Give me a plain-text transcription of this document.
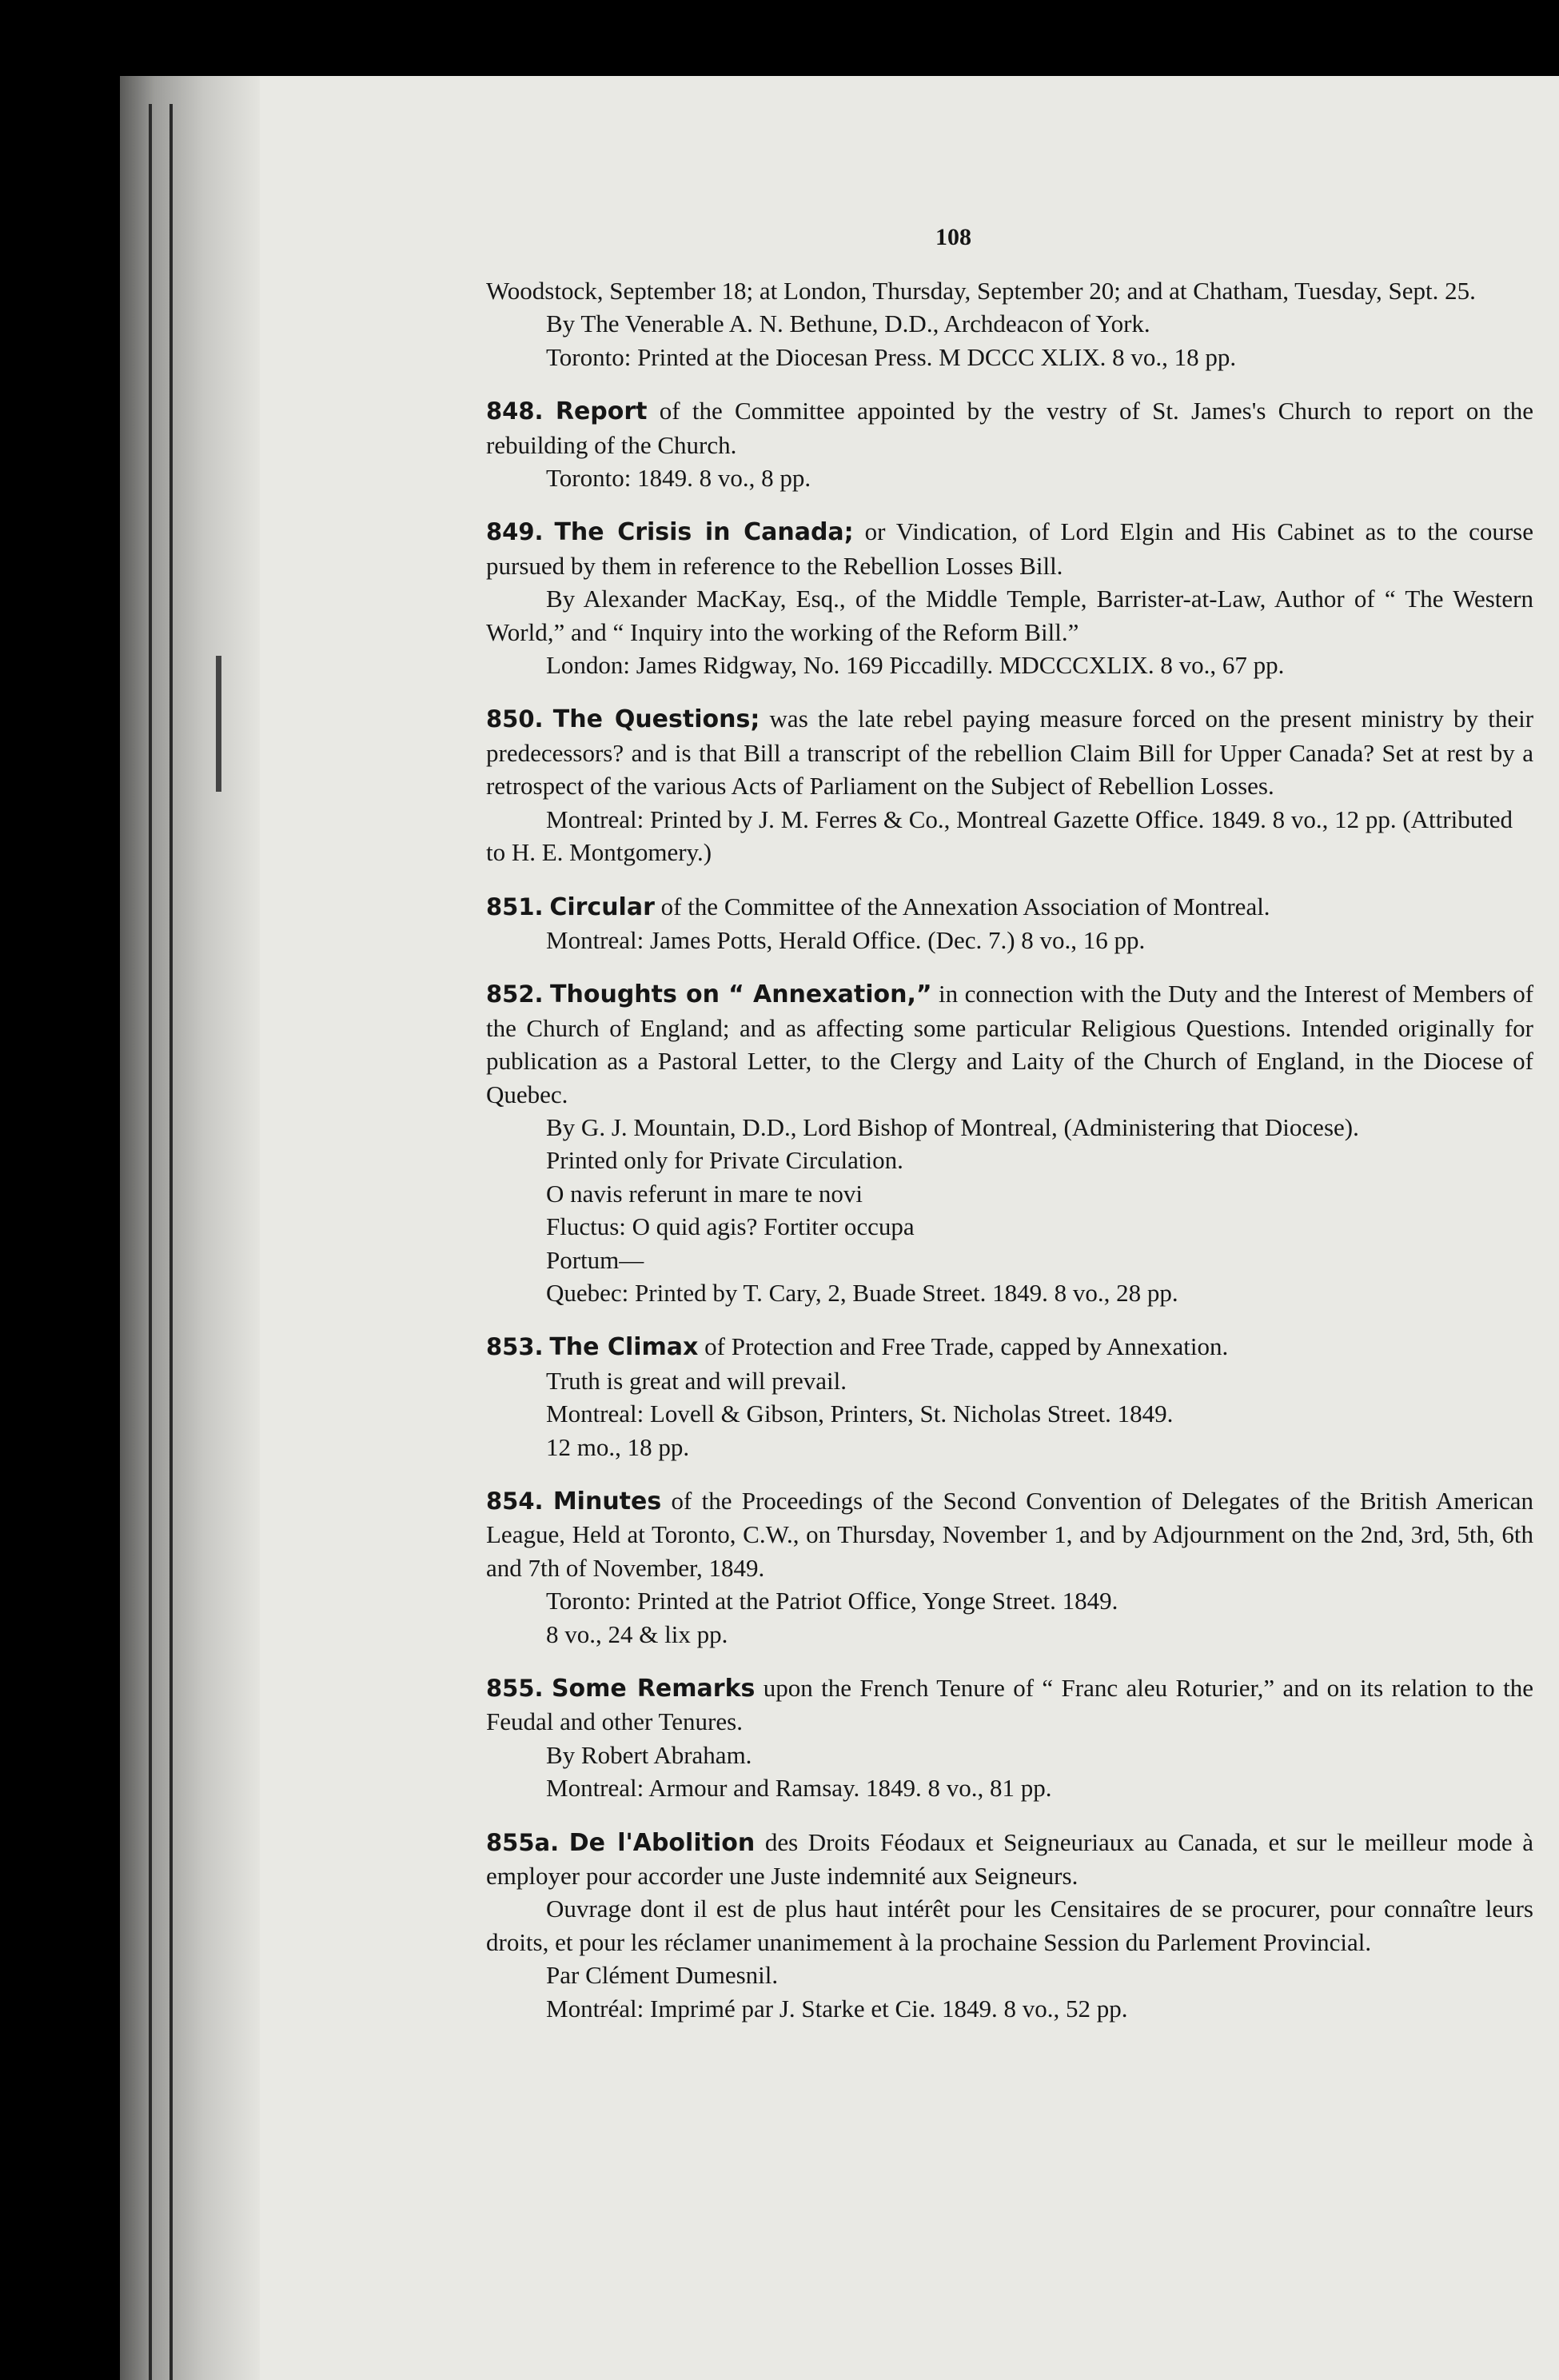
108

Woodstock, September 18; at London, Thursday, September 20; and at Chatham, Tuesday, Sept. 25.

By The Venerable A. N. Bethune, D.D., Archdeacon of York.

Toronto: Printed at the Diocesan Press. M DCCC XLIX. 8 vo., 18 pp.

848. Report of the Committee appointed by the vestry of St. James's Church to report on the rebuilding of the Church.

Toronto: 1849. 8 vo., 8 pp.

849. The Crisis in Canada; or Vindication, of Lord Elgin and His Cabinet as to the course pursued by them in reference to the Rebellion Losses Bill.

By Alexander MacKay, Esq., of the Middle Temple, Barrister-at-Law, Author of “ The Western World,” and “ Inquiry into the working of the Reform Bill.”

London: James Ridgway, No. 169 Piccadilly. MDCCCXLIX. 8 vo., 67 pp.

850. The Questions; was the late rebel paying measure forced on the present ministry by their predecessors? and is that Bill a transcript of the rebellion Claim Bill for Upper Canada? Set at rest by a retrospect of the various Acts of Parliament on the Subject of Rebellion Losses.

Montreal: Printed by J. M. Ferres & Co., Montreal Gazette Office. 1849. 8 vo., 12 pp. (Attributed to H. E. Montgomery.)

851. Circular of the Committee of the Annexation Association of Montreal.

Montreal: James Potts, Herald Office. (Dec. 7.) 8 vo., 16 pp.

852. Thoughts on “ Annexation,” in connection with the Duty and the Interest of Members of the Church of England; and as affecting some particular Religious Questions. Intended originally for publication as a Pastoral Letter, to the Clergy and Laity of the Church of England, in the Diocese of Quebec.

By G. J. Mountain, D.D., Lord Bishop of Montreal, (Administering that Diocese).

Printed only for Private Circulation.

O navis referunt in mare te novi

Fluctus: O quid agis? Fortiter occupa

Portum—

Quebec: Printed by T. Cary, 2, Buade Street. 1849. 8 vo., 28 pp.

853. The Climax of Protection and Free Trade, capped by Annexation.

Truth is great and will prevail.

Montreal: Lovell & Gibson, Printers, St. Nicholas Street. 1849.

12 mo., 18 pp.

854. Minutes of the Proceedings of the Second Convention of Delegates of the British American League, Held at Toronto, C.W., on Thursday, November 1, and by Adjournment on the 2nd, 3rd, 5th, 6th and 7th of November, 1849.

Toronto: Printed at the Patriot Office, Yonge Street. 1849.

8 vo., 24 & lix pp.

855. Some Remarks upon the French Tenure of “ Franc aleu Roturier,” and on its relation to the Feudal and other Tenures.

By Robert Abraham.

Montreal: Armour and Ramsay. 1849. 8 vo., 81 pp.

855a. De l'Abolition des Droits Féodaux et Seigneuriaux au Canada, et sur le meilleur mode à employer pour accorder une Juste indemnité aux Seigneurs.

Ouvrage dont il est de plus haut intérêt pour les Censitaires de se procurer, pour connaître leurs droits, et pour les réclamer unanimement à la prochaine Session du Parlement Provincial.

Par Clément Dumesnil.

Montréal: Imprimé par J. Starke et Cie. 1849. 8 vo., 52 pp.
